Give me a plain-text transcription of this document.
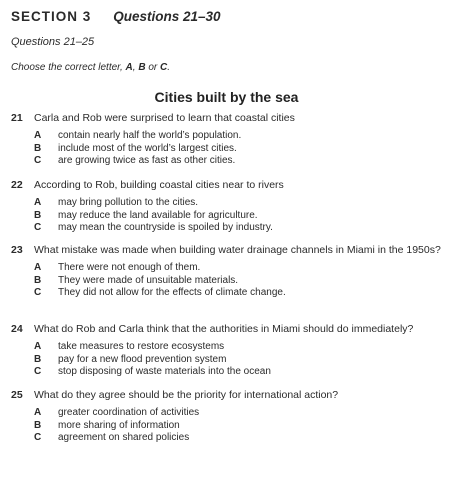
SECTION 3 Questions 21–30
Questions 21–25
Choose the correct letter, A, B or C.
Cities built by the sea
21	Carla and Rob were surprised to learn that coastal cities
A	contain nearly half the world’s population.
B	include most of the world’s largest cities.
C	are growing twice as fast as other cities.
22	According to Rob, building coastal cities near to rivers
A	may bring pollution to the cities.
B	may reduce the land available for agriculture.
C	may mean the countryside is spoiled by industry.
23	What mistake was made when building water drainage channels in Miami in the 1950s?
A	There were not enough of them.
B	They were made of unsuitable materials.
C	They did not allow for the effects of climate change.
24	What do Rob and Carla think that the authorities in Miami should do immediately?
A	take measures to restore ecosystems
B	pay for a new flood prevention system
C	stop disposing of waste materials into the ocean
25	What do they agree should be the priority for international action?
A	greater coordination of activities
B	more sharing of information
C	agreement on shared policies
